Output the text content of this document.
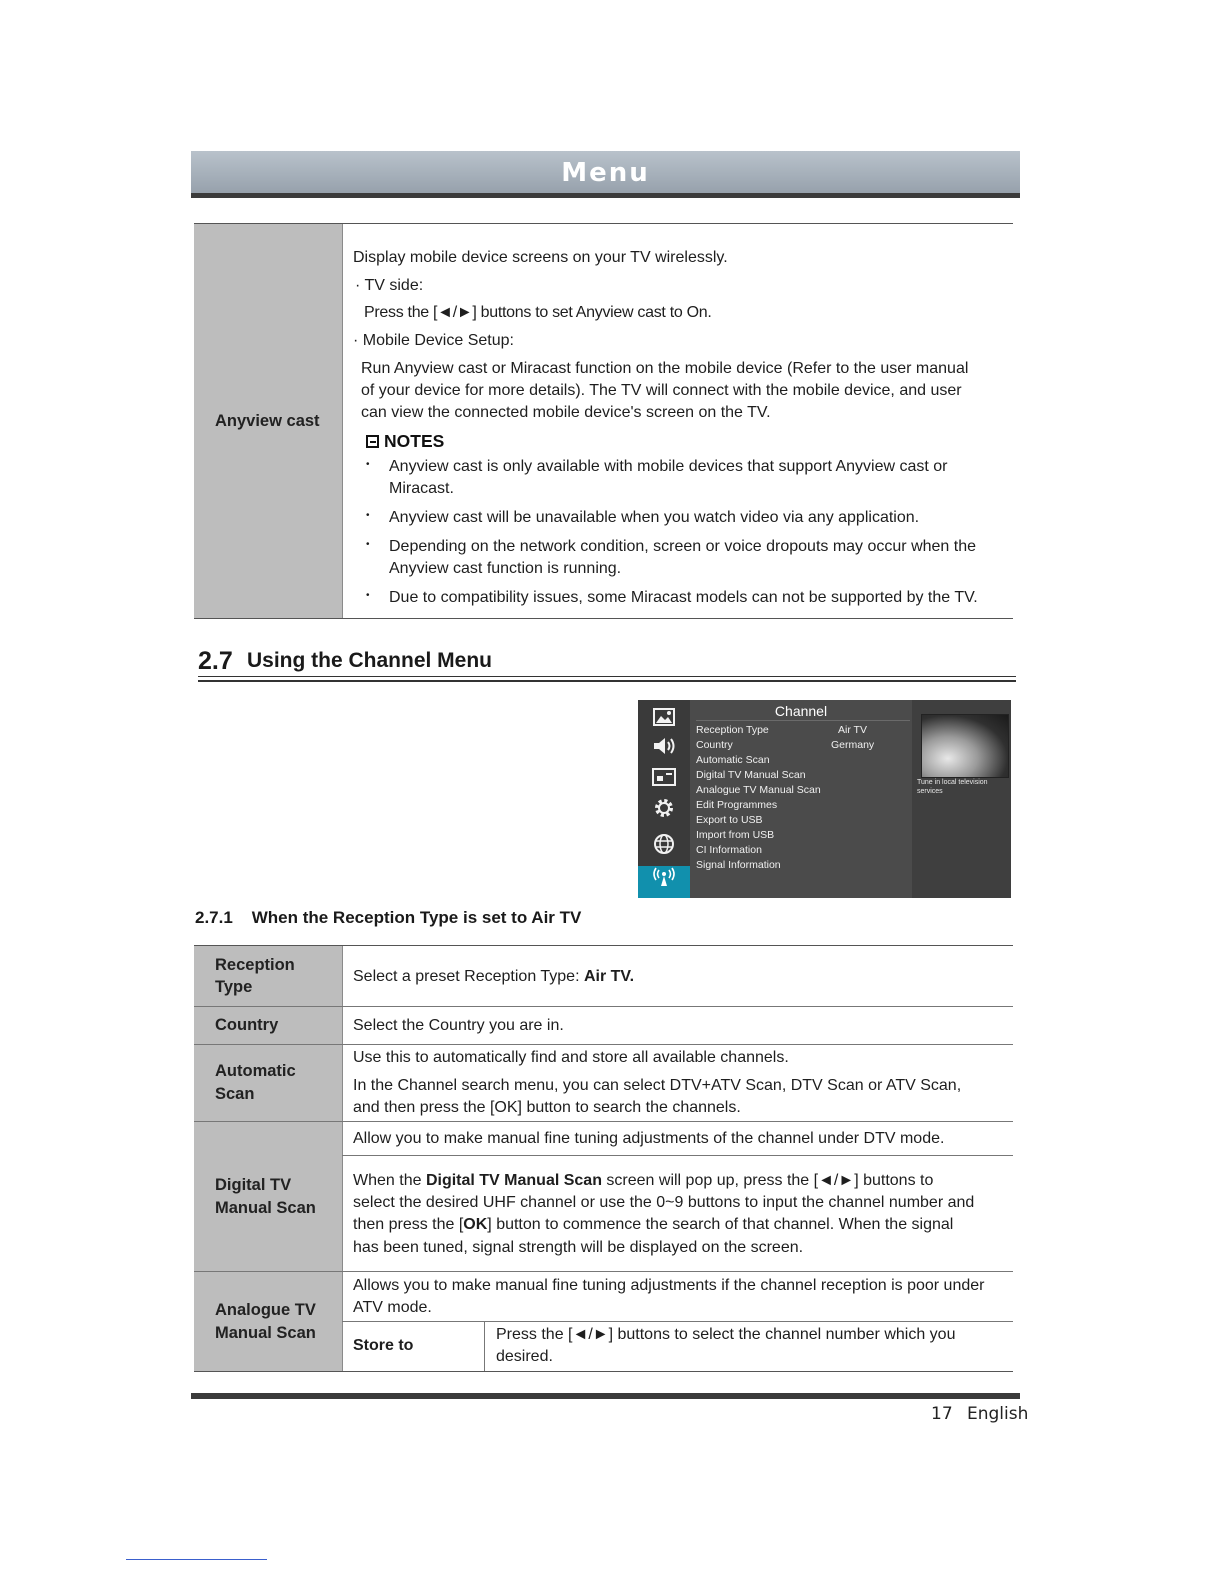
Menu
Anyview cast
Display mobile device screens on your TV wirelessly.
· TV side:
Press the [◄/►] buttons to set Anyview cast to On.
· Mobile Device Setup:
Run Anyview cast or Miracast function on the mobile device (Refer to the user manual
of your device for more details). The TV will connect with the mobile device, and user
can view the connected mobile device's screen on the TV.
NOTES
• Anyview cast is only available with mobile devices that support Anyview cast or
Miracast.
• Anyview cast will be unavailable when you watch video via any application.
• Depending on the network condition, screen or voice dropouts may occur when the
Anyview cast function is running.
• Due to compatibility issues, some Miracast models can not be supported by the TV.
2.7 Using the Channel Menu
Channel
Reception Type	Air TV
Country	Germany
Automatic Scan
Digital TV Manual Scan
Analogue TV Manual Scan
Edit Programmes
Export to USB
Import from USB
CI Information
Signal Information
Tune in local television services
2.7.1 When the Reception Type is set to Air TV
Reception
Type
Country
Automatic
Scan
Digital TV
Manual Scan
Analogue TV
Manual Scan
Select a preset Reception Type: Air TV.
Select the Country you are in.
Use this to automatically find and store all available channels.
In the Channel search menu, you can select DTV+ATV Scan, DTV Scan or ATV Scan,
and then press the [OK] button to search the channels.
Allow you to make manual fine tuning adjustments of the channel under DTV mode.
When the Digital TV Manual Scan screen will pop up, press the [◄/►] buttons to
select the desired UHF channel or use the 0~9 buttons to input the channel number and
then press the [OK] button to commence the search of that channel. When the signal
has been tuned, signal strength will be displayed on the screen.
Allows you to make manual fine tuning adjustments if the channel reception is poor under
ATV mode.
Store to
Press the [◄/►] buttons to select the channel number which you
desired.
17 English
